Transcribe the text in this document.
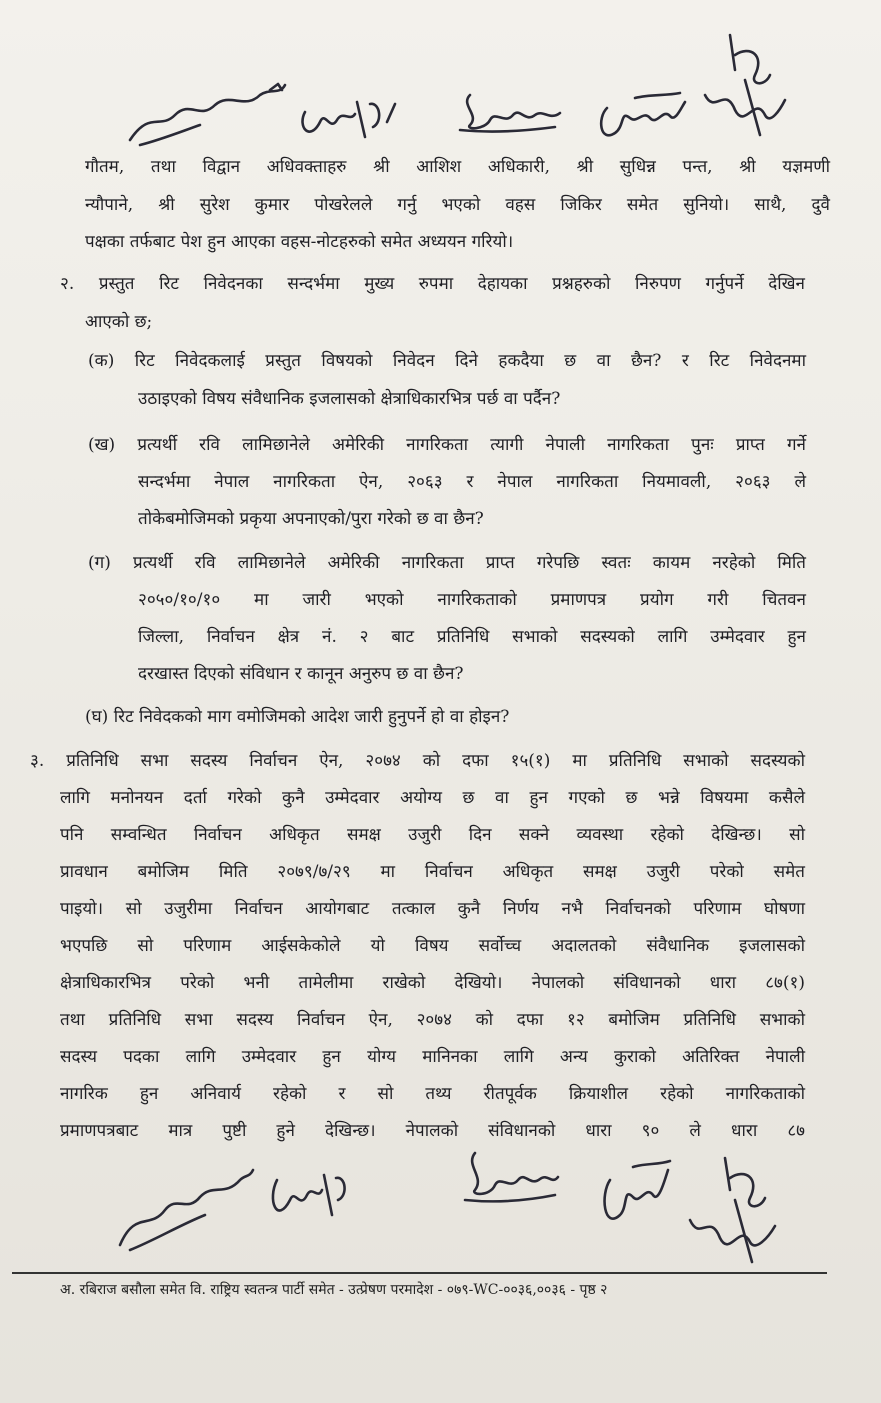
गौतम, तथा विद्वान अधिवक्ताहरु श्री आशिश अधिकारी, श्री सुधिन्न पन्त, श्री यज्ञमणी
न्यौपाने, श्री सुरेश कुमार पोखरेलले गर्नु भएको वहस जिकिर समेत सुनियो। साथै, दुवै
पक्षका तर्फबाट पेश हुन आएका वहस-नोटहरुको समेत अध्ययन गरियो।
२. प्रस्तुत रिट निवेदनका सन्दर्भमा मुख्य रुपमा देहायका प्रश्नहरुको निरुपण गर्नुपर्ने देखिन
आएको छ;
(क) रिट निवेदकलाई प्रस्तुत विषयको निवेदन दिने हकदैया छ वा छैन? र रिट निवेदनमा
उठाइएको विषय संवैधानिक इजलासको क्षेत्राधिकारभित्र पर्छ वा पर्दैन?
(ख) प्रत्यर्थी रवि लामिछानेले अमेरिकी नागरिकता त्यागी नेपाली नागरिकता पुनः प्राप्त गर्ने
सन्दर्भमा नेपाल नागरिकता ऐन, २०६३ र नेपाल नागरिकता नियमावली, २०६३ ले
तोकेबमोजिमको प्रकृया अपनाएको/पुरा गरेको छ वा छैन?
(ग) प्रत्यर्थी रवि लामिछानेले अमेरिकी नागरिकता प्राप्त गरेपछि स्वतः कायम नरहेको मिति
२०५०/१०/१० मा जारी भएको नागरिकताको प्रमाणपत्र प्रयोग गरी चितवन
जिल्ला, निर्वाचन क्षेत्र नं. २ बाट प्रतिनिधि सभाको सदस्यको लागि उम्मेदवार हुन
दरखास्त दिएको संविधान र कानून अनुरुप छ वा छैन?
(घ) रिट निवेदकको माग वमोजिमको आदेश जारी हुनुपर्ने हो वा होइन?
३. प्रतिनिधि सभा सदस्य निर्वाचन ऐन, २०७४ को दफा १५(१) मा प्रतिनिधि सभाको सदस्यको
लागि मनोनयन दर्ता गरेको कुनै उम्मेदवार अयोग्य छ वा हुन गएको छ भन्ने विषयमा कसैले
पनि सम्वन्धित निर्वाचन अधिकृत समक्ष उजुरी दिन सक्ने व्यवस्था रहेको देखिन्छ। सो
प्रावधान बमोजिम मिति २०७९/७/२९ मा निर्वाचन अधिकृत समक्ष उजुरी परेको समेत
पाइयो। सो उजुरीमा निर्वाचन आयोगबाट तत्काल कुनै निर्णय नभै निर्वाचनको परिणाम घोषणा
भएपछि सो परिणाम आईसकेकोले यो विषय सर्वोच्च अदालतको संवैधानिक इजलासको
क्षेत्राधिकारभित्र परेको भनी तामेलीमा राखेको देखियो। नेपालको संविधानको धारा ८७(१)
तथा प्रतिनिधि सभा सदस्य निर्वाचन ऐन, २०७४ को दफा १२ बमोजिम प्रतिनिधि सभाको
सदस्य पदका लागि उम्मेदवार हुन योग्य मानिनका लागि अन्य कुराको अतिरिक्त नेपाली
नागरिक हुन अनिवार्य रहेको र सो तथ्य रीतपूर्वक क्रियाशील रहेको नागरिकताको
प्रमाणपत्रबाट मात्र पुष्टी हुने देखिन्छ। नेपालको संविधानको धारा ९० ले धारा ८७
अ. रबिराज बसौला समेत वि. राष्ट्रिय स्वतन्त्र पार्टी समेत - उत्प्रेषण परमादेश - ०७९-WC-००३६,००३६ - पृष्ठ २
